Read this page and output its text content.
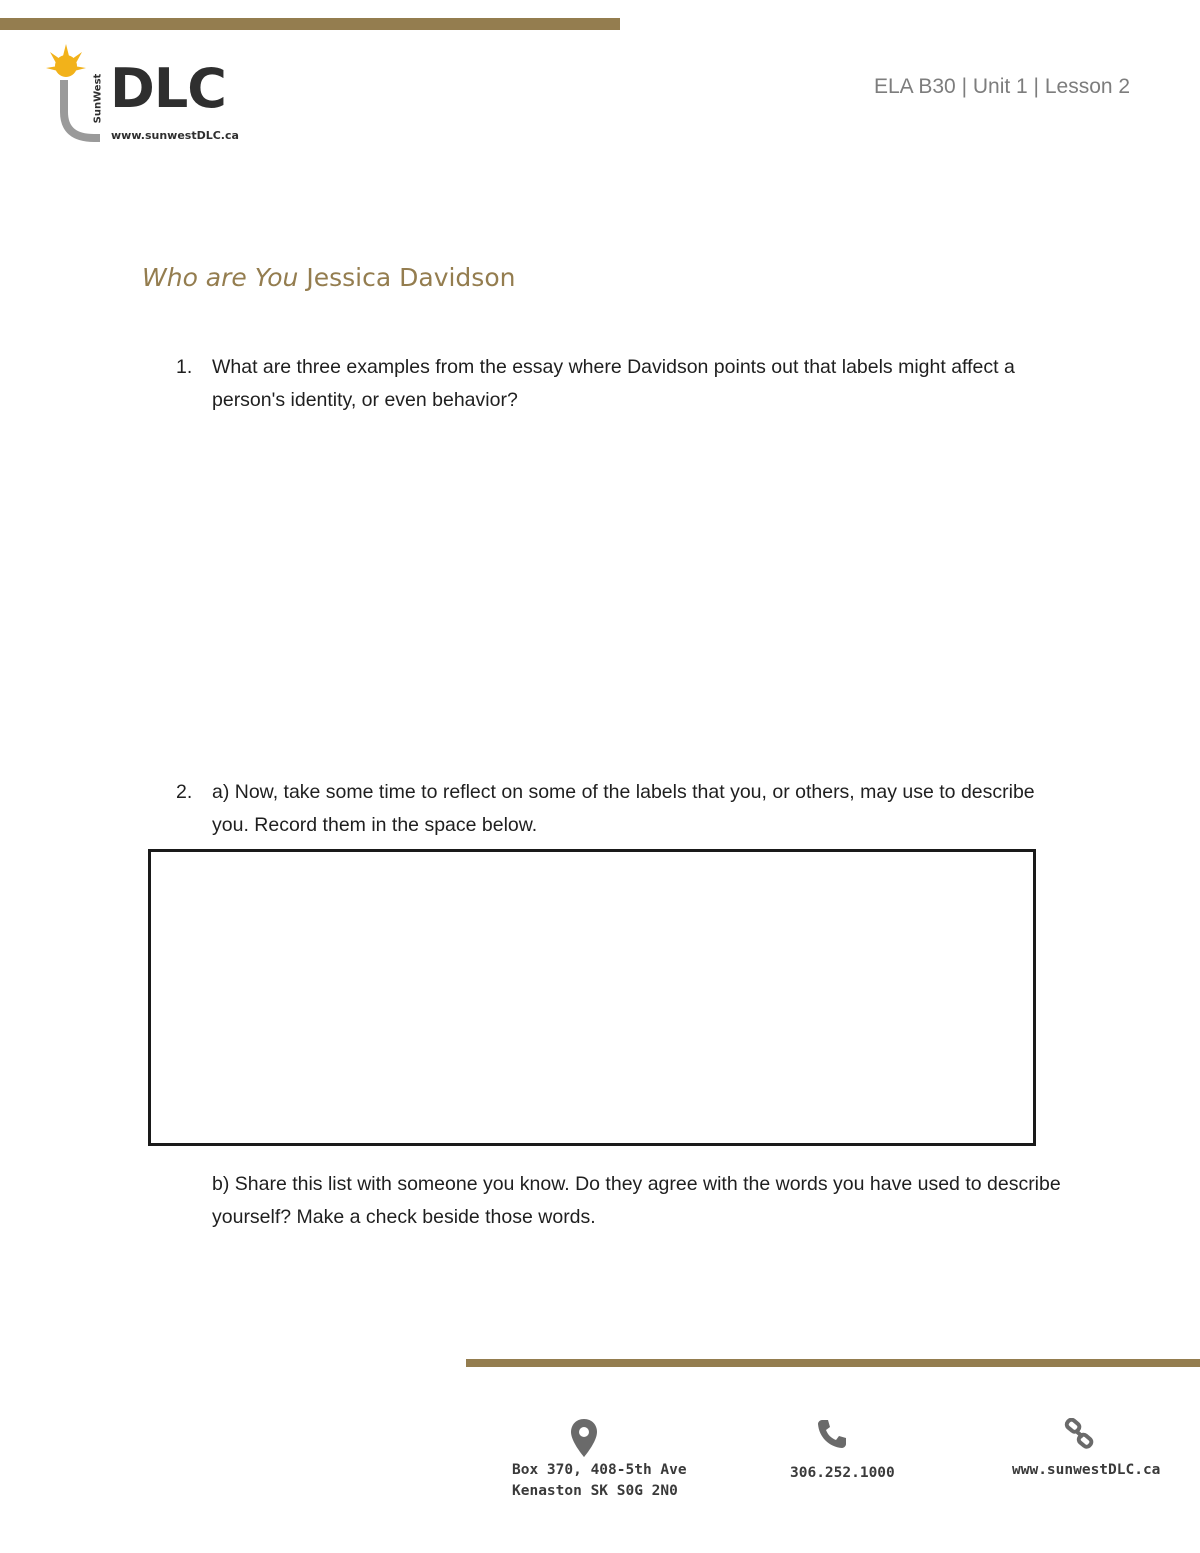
SunWest DLC
www.sunwestDLC.ca
ELA B30 | Unit 1 | Lesson 2
Who are You Jessica Davidson
1. What are three examples from the essay where Davidson points out that labels might affect a person's identity, or even behavior?
2. a) Now, take some time to reflect on some of the labels that you, or others, may use to describe you. Record them in the space below.
b) Share this list with someone you know. Do they agree with the words you have used to describe yourself? Make a check beside those words.
Box 370, 408-5th Ave
Kenaston SK S0G 2N0
306.252.1000	www.sunwestDLC.ca
